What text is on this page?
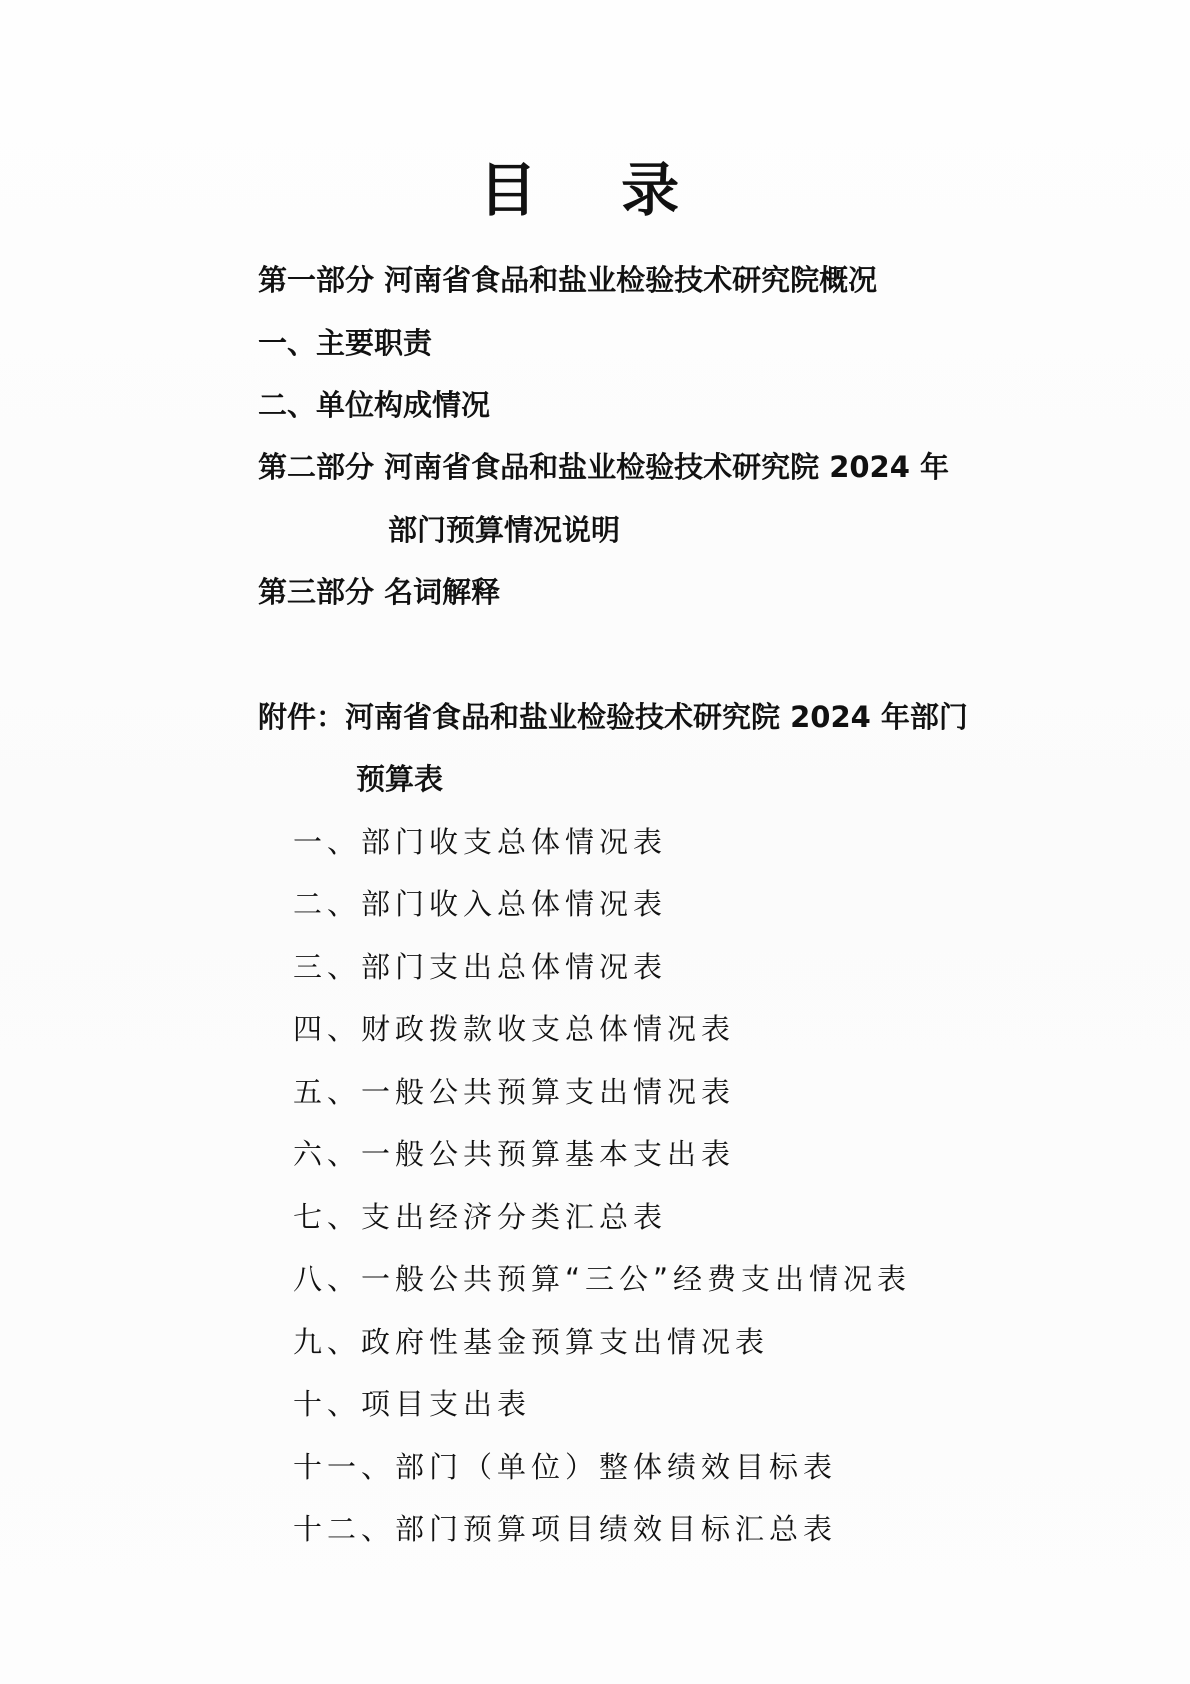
目 录
第一部分 河南省食品和盐业检验技术研究院概况
一、主要职责
二、单位构成情况
第二部分 河南省食品和盐业检验技术研究院 2024 年
部门预算情况说明
第三部分 名词解释
附件：河南省食品和盐业检验技术研究院 2024 年部门
预算表
一、部门收支总体情况表
二、部门收入总体情况表
三、部门支出总体情况表
四、财政拨款收支总体情况表
五、一般公共预算支出情况表
六、一般公共预算基本支出表
七、支出经济分类汇总表
八、一般公共预算“三公”经费支出情况表
九、政府性基金预算支出情况表
十、项目支出表
十一、部门（单位）整体绩效目标表
十二、部门预算项目绩效目标汇总表
